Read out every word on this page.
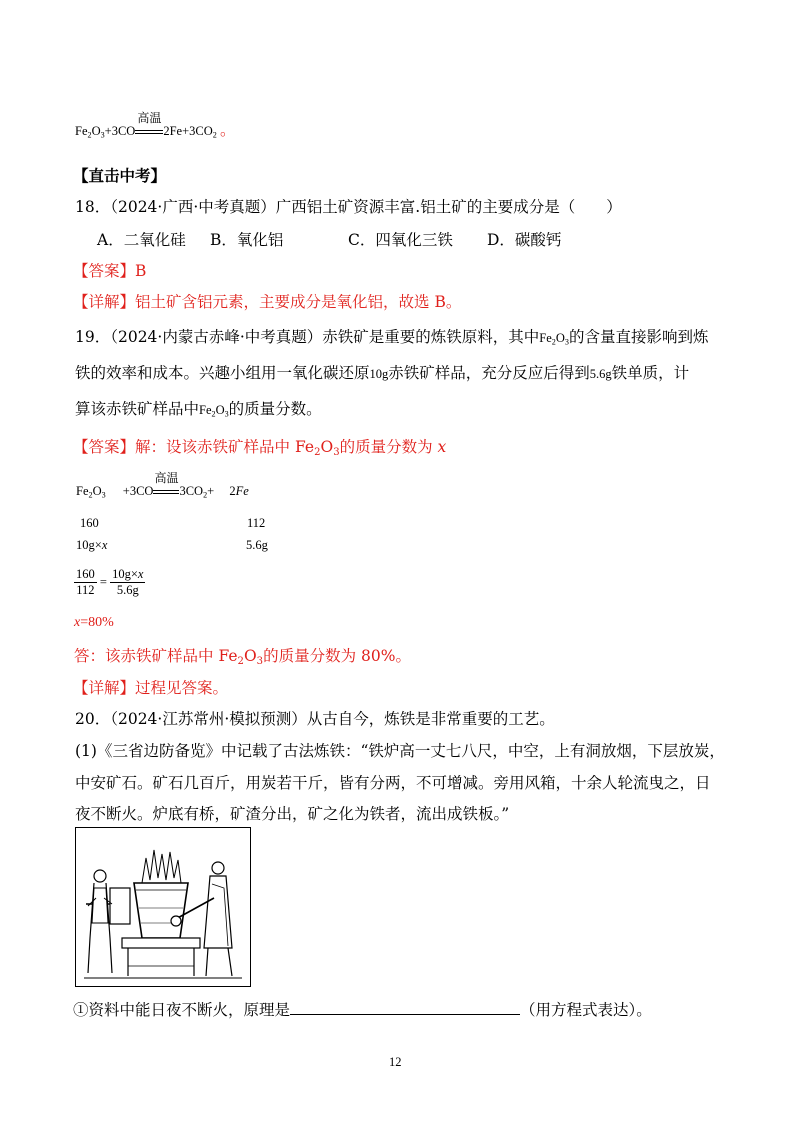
$Fe_2O_3+3CO$
高温
$2Fe+3CO_2$ 。
【直击中考】
18．（2024·广西·中考真题）广西铝土矿资源丰富.铝土矿的主要成分是（　　）
A．二氧化硅 B．氧化铝	C．四氧化三铁 D．碳酸钙
【答案】B
【详解】铝土矿含铝元素，主要成分是氧化铝，故选 B。
19．（2024·内蒙古赤峰·中考真题）赤铁矿是重要的炼铁原料，其中$Fe_2O_3$的含量直接影响到炼
铁的效率和成本。兴趣小组用一氧化碳还原10g赤铁矿样品，充分反应后得到5.6g铁单质，计
算该赤铁矿样品中$Fe_2O_3$的质量分数。
【答案】解：设该赤铁矿样品中 $Fe_2O_3$的质量分数为 x
$Fe_2O_3 +3CO$
高温
$3CO_2+ 2Fe$
160	112
10g×x	5.6g
$\frac{160}{112} = \frac{10g\times x}{5.6g}$
x=80%
答：该赤铁矿样品中 $Fe_2O_3$的质量分数为 80%。
【详解】过程见答案。
20．（2024·江苏常州·模拟预测）从古自今，炼铁是非常重要的工艺。
(1)《三省边防备览》中记载了古法炼铁：“铁炉高一丈七八尺，中空，上有洞放烟，下层放炭，
中安矿石。矿石几百斤，用炭若干斤，皆有分两，不可增减。旁用风箱，十余人轮流曳之，日
夜不断火。炉底有桥，矿渣分出，矿之化为铁者，流出成铁板。”
①资料中能日夜不断火，原理是	（用方程式表达）。
12
